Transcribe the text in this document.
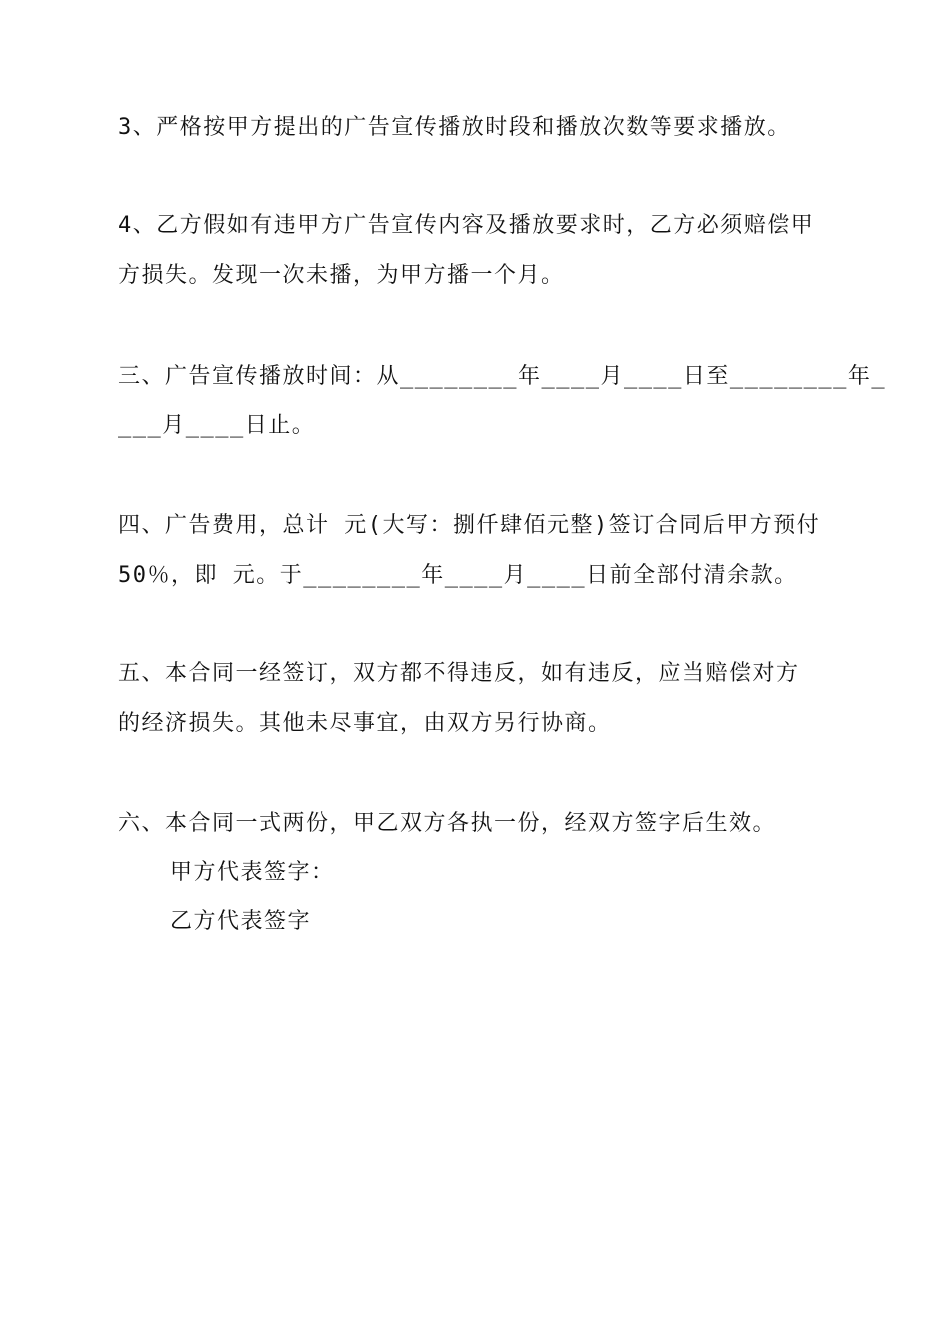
3、严格按甲方提出的广告宣传播放时段和播放次数等要求播放。
4、乙方假如有违甲方广告宣传内容及播放要求时，乙方必须赔偿甲
方损失。发现一次未播，为甲方播一个月。
三、广告宣传播放时间：从________年____月____日至________年_
___月____日止。
四、广告费用，总计 元(大写：捌仟肆佰元整)签订合同后甲方预付
50％，即 元。于________年____月____日前全部付清余款。
五、本合同一经签订，双方都不得违反，如有违反，应当赔偿对方
的经济损失。其他未尽事宜，由双方另行协商。
六、本合同一式两份，甲乙双方各执一份，经双方签字后生效。
甲方代表签字：
乙方代表签字
